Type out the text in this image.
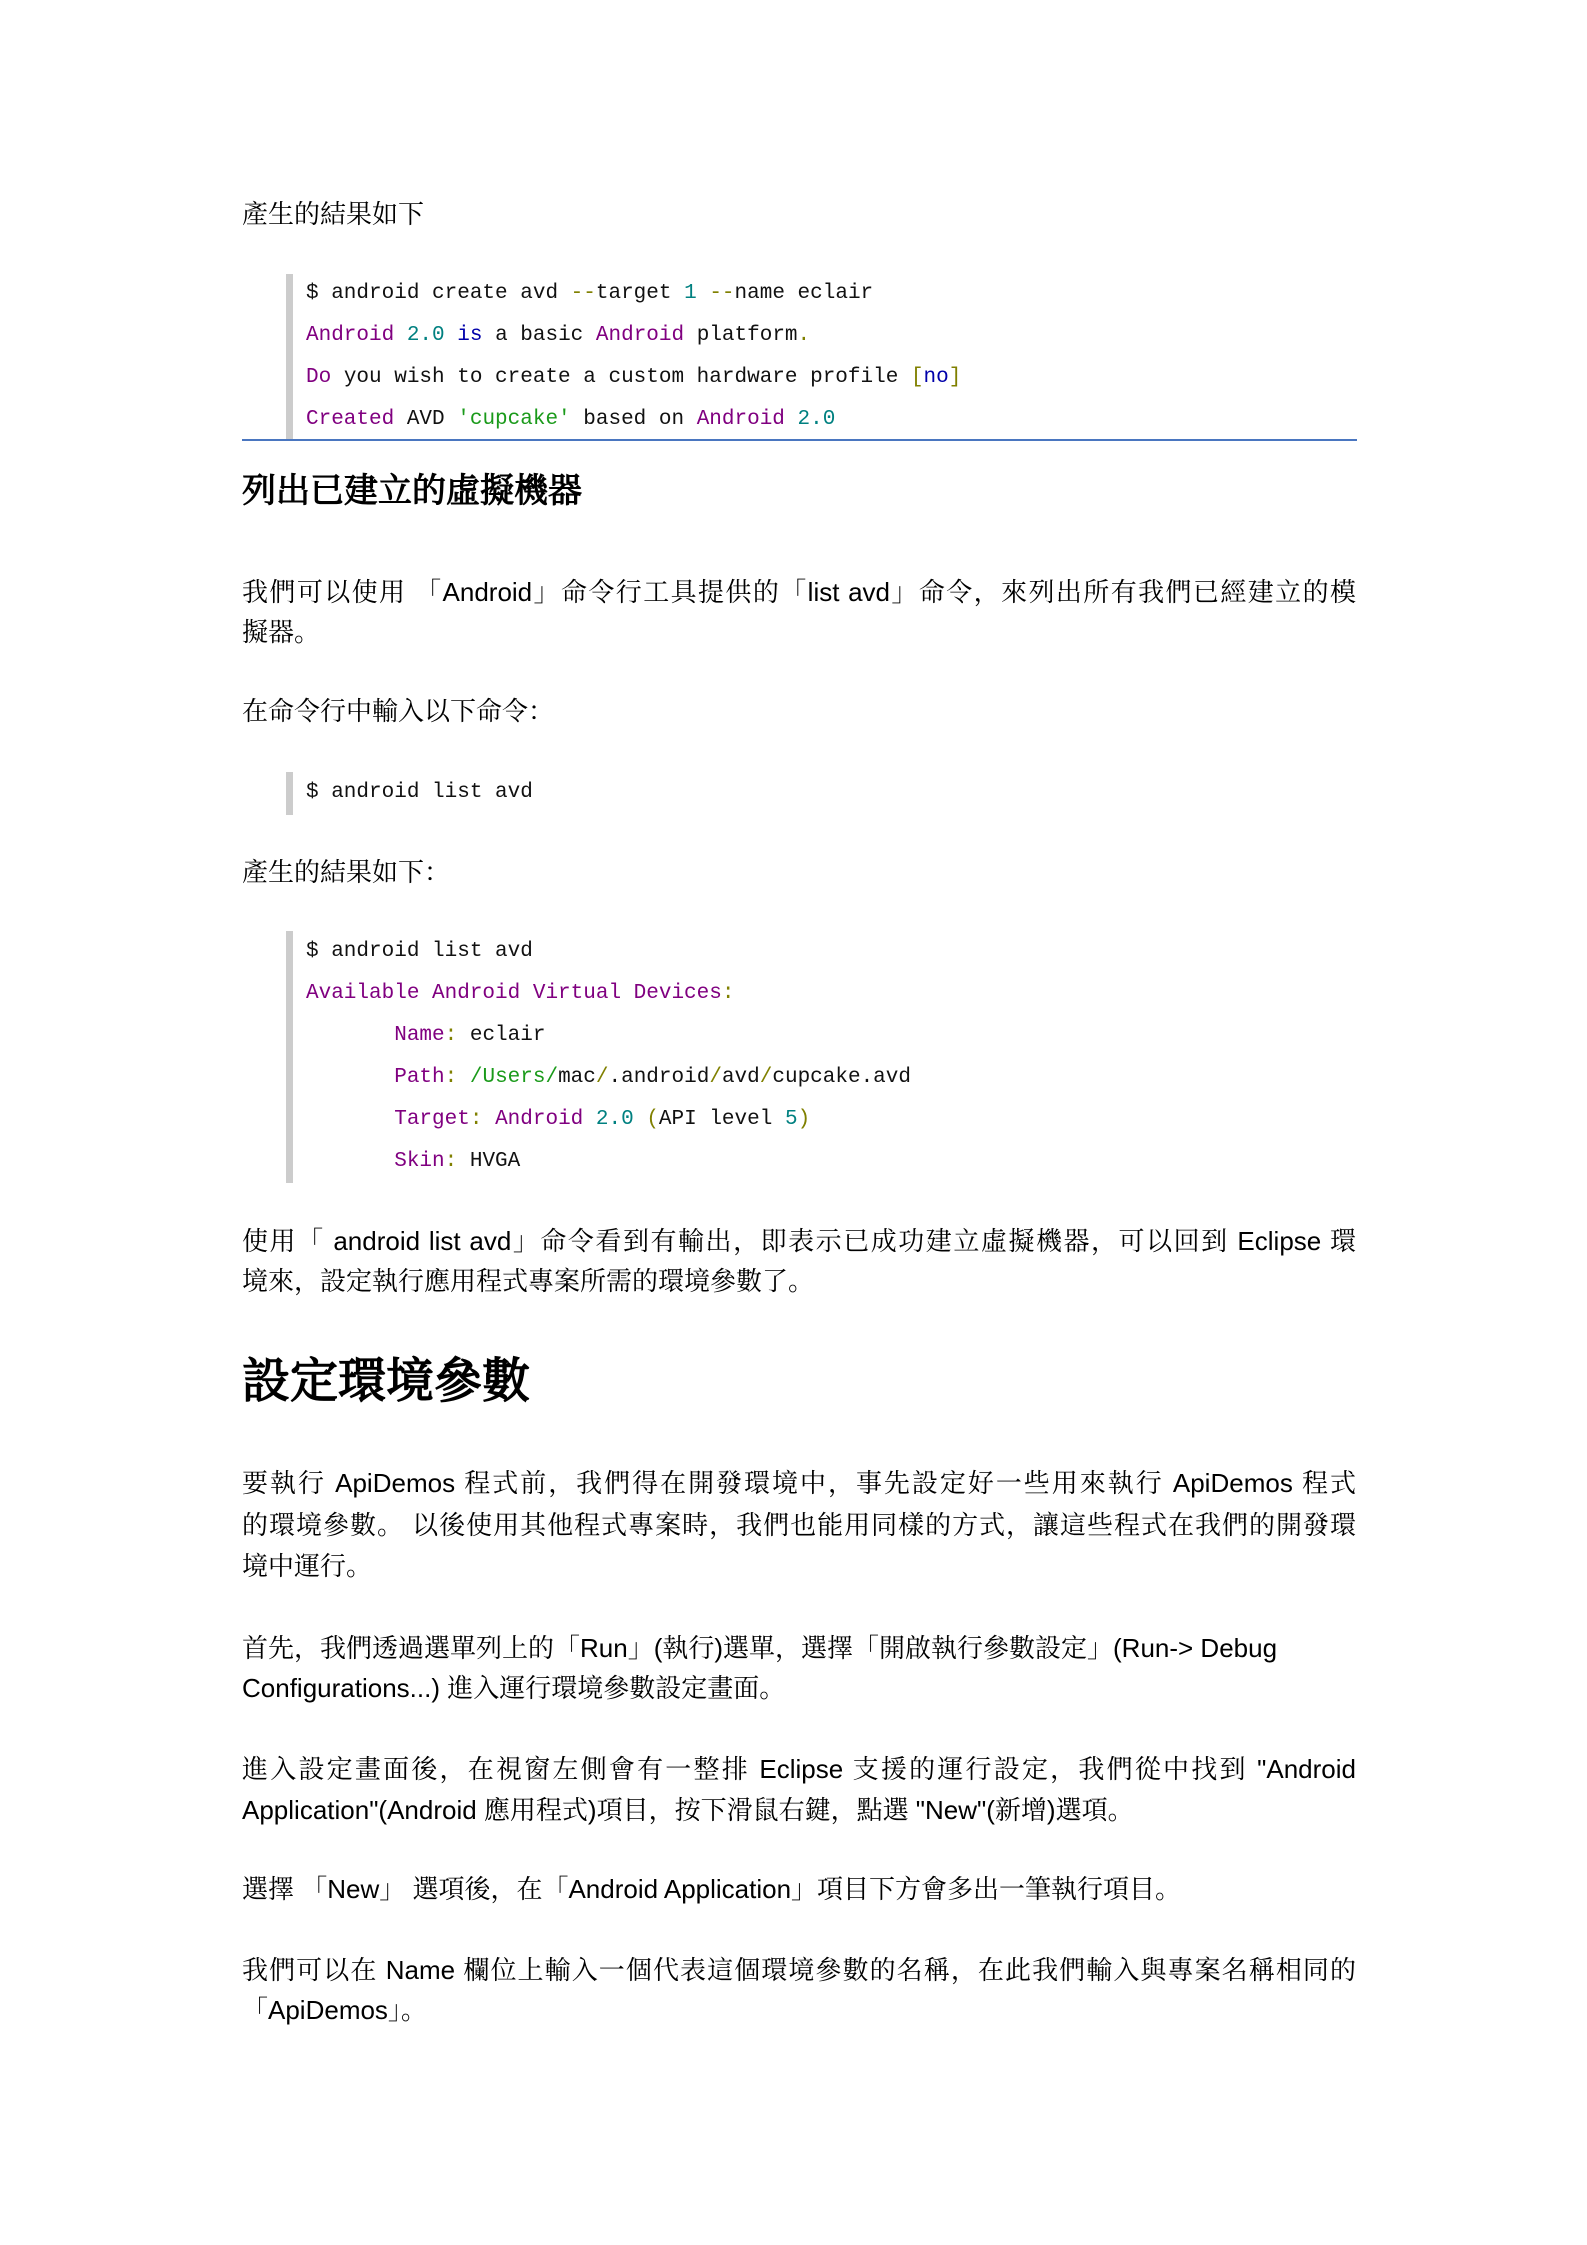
產生的結果如下
$ android create avd --target 1 --name eclair
Android 2.0 is a basic Android platform.
Do you wish to create a custom hardware profile [no]
Created AVD 'cupcake' based on Android 2.0
列出已建立的虛擬機器
我們可以使用 「Android」命令行工具提供的「list avd」命令，來列出所有我們已經建立的模
擬器。
在命令行中輸入以下命令：
$ android list avd
產生的結果如下：
$ android list avd
Available Android Virtual Devices:
Name: eclair
Path: /Users/mac/.android/avd/cupcake.avd
Target: Android 2.0 (API level 5)
Skin: HVGA
使用「 android list avd」命令看到有輸出，即表示已成功建立虛擬機器，可以回到 Eclipse 環
境來，設定執行應用程式專案所需的環境參數了。
設定環境參數
要執行 ApiDemos 程式前，我們得在開發環境中，事先設定好一些用來執行 ApiDemos 程式
的環境參數。 以後使用其他程式專案時，我們也能用同樣的方式，讓這些程式在我們的開發環
境中運行。
首先，我們透過選單列上的「Run」(執行)選單，選擇「開啟執行參數設定」(Run-> Debug
Configurations...) 進入運行環境參數設定畫面。
進入設定畫面後，在視窗左側會有一整排 Eclipse 支援的運行設定，我們從中找到 "Android
Application"(Android 應用程式)項目，按下滑鼠右鍵，點選 "New"(新增)選項。
選擇 「New」 選項後，在「Android Application」項目下方會多出一筆執行項目。
我們可以在 Name 欄位上輸入一個代表這個環境參數的名稱，在此我們輸入與專案名稱相同的
「ApiDemos」。
